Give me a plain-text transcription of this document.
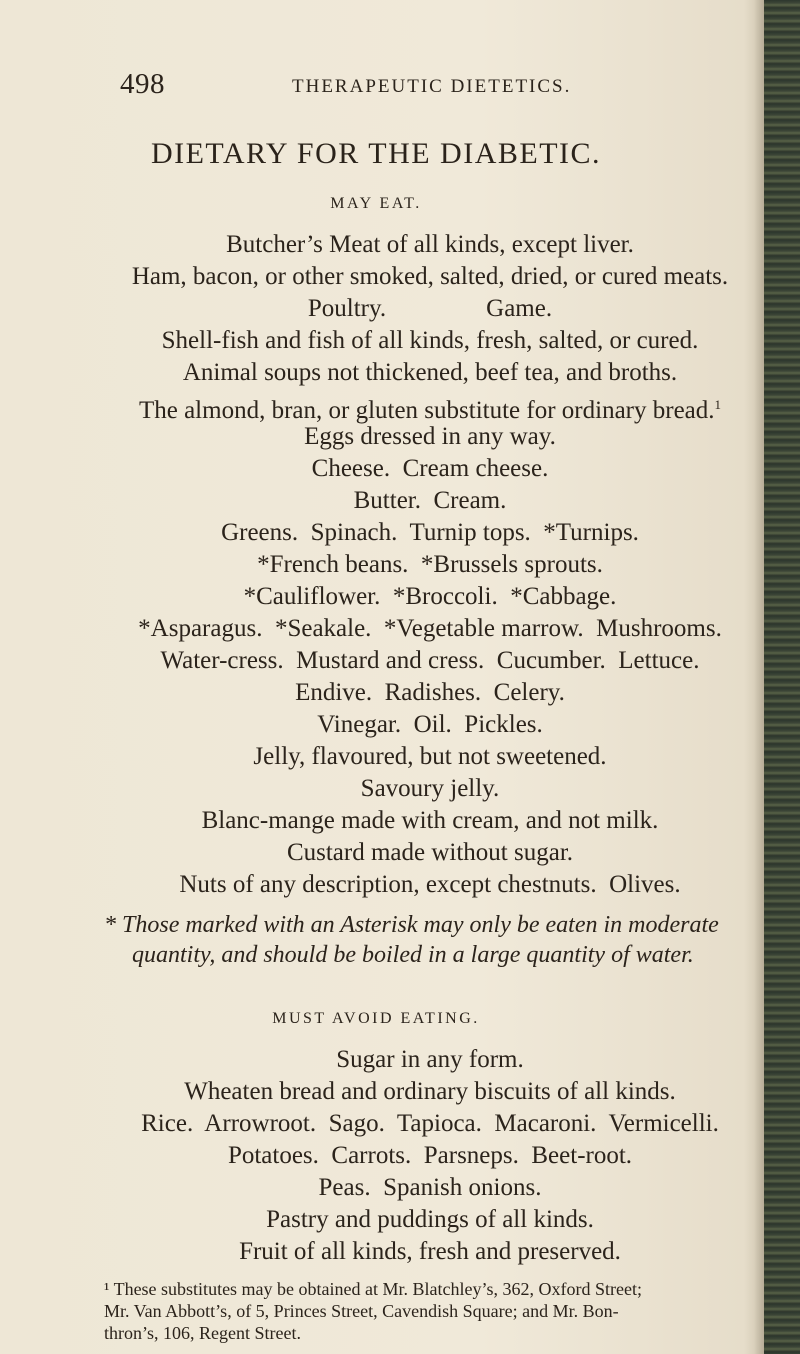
498	THERAPEUTIC DIETETICS.
DIETARY FOR THE DIABETIC.
MAY EAT.
Butcher’s Meat of all kinds, except liver.
Ham, bacon, or other smoked, salted, dried, or cured meats.
Poultry.                Game.
Shell-fish and fish of all kinds, fresh, salted, or cured.
Animal soups not thickened, beef tea, and broths.
The almond, bran, or gluten substitute for ordinary bread.$^1$
Eggs dressed in any way.
Cheese.  Cream cheese.
Butter.  Cream.
Greens.  Spinach.  Turnip tops.  *Turnips.
*French beans.  *Brussels sprouts.
*Cauliflower.  *Broccoli.  *Cabbage.
*Asparagus.  *Seakale.  *Vegetable marrow.  Mushrooms.
Water-cress.  Mustard and cress.  Cucumber.  Lettuce.
Endive.  Radishes.  Celery.
Vinegar.  Oil.  Pickles.
Jelly, flavoured, but not sweetened.
Savoury jelly.
Blanc-mange made with cream, and not milk.
Custard made without sugar.
Nuts of any description, except chestnuts.  Olives.
* Those marked with an Asterisk may only be eaten in moderate
quantity, and should be boiled in a large quantity of water.
MUST AVOID EATING.
Sugar in any form.
Wheaten bread and ordinary biscuits of all kinds.
Rice.  Arrowroot.  Sago.  Tapioca.  Macaroni.  Vermicelli.
Potatoes.  Carrots.  Parsneps.  Beet-root.
Peas.  Spanish onions.
Pastry and puddings of all kinds.
Fruit of all kinds, fresh and preserved.
¹ These substitutes may be obtained at Mr. Blatchley’s, 362, Oxford Street;
Mr. Van Abbott’s, of 5, Princes Street, Cavendish Square; and Mr. Bon-
thron’s, 106, Regent Street.
